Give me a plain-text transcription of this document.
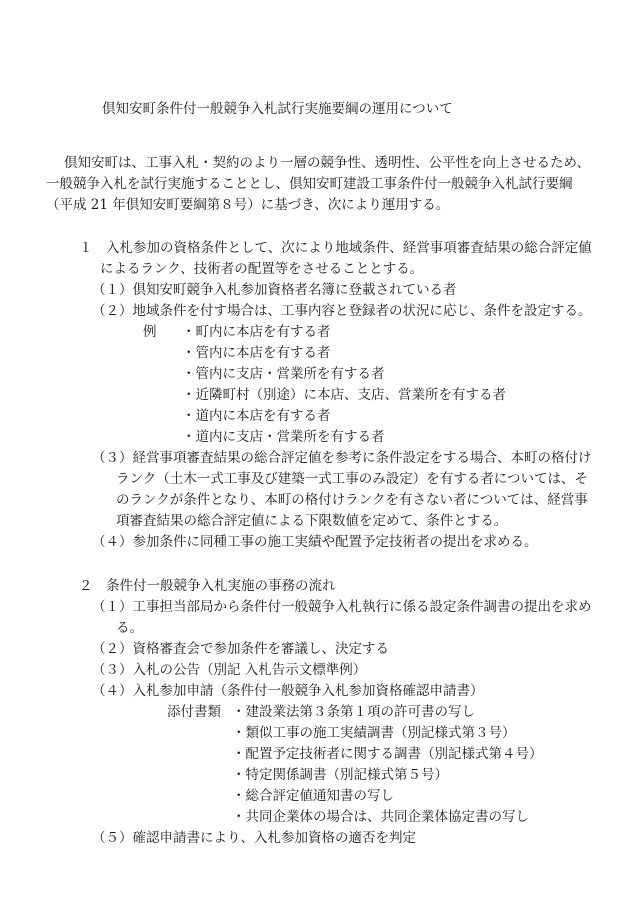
倶知安町条件付一般競争入札試行実施要綱の運用について
倶知安町は、工事入札・契約のより一層の競争性、透明性、公平性を向上させるため、
一般競争入札を試行実施することとし、倶知安町建設工事条件付一般競争入札試行要綱
（平成 21 年倶知安町要綱第８号）に基づき、次により運用する。
１　入札参加の資格条件として、次により地域条件、経営事項審査結果の総合評定値
によるランク、技術者の配置等をさせることとする。
（１）倶知安町競争入札参加資格者名簿に登載されている者
（２）地域条件を付す場合は、工事内容と登録者の状況に応じ、条件を設定する。
例 ・町内に本店を有する者
・管内に本店を有する者
・管内に支店・営業所を有する者
・近隣町村（別途）に本店、支店、営業所を有する者
・道内に本店を有する者
・道内に支店・営業所を有する者
（３）経営事項審査結果の総合評定値を参考に条件設定をする場合、本町の格付け
ランク（土木一式工事及び建築一式工事のみ設定）を有する者については、そ
のランクが条件となり、本町の格付けランクを有さない者については、経営事
項審査結果の総合評定値による下限数値を定めて、条件とする。
（４）参加条件に同種工事の施工実績や配置予定技術者の提出を求める。
２　条件付一般競争入札実施の事務の流れ
（１）工事担当部局から条件付一般競争入札執行に係る設定条件調書の提出を求め
る。
（２）資格審査会で参加条件を審議し、決定する
（３）入札の公告（別記 入札告示文標準例）
（４）入札参加申請（条件付一般競争入札参加資格確認申請書）
添付書類 ・建設業法第３条第１項の許可書の写し
・類似工事の施工実績調書（別記様式第３号）
・配置予定技術者に関する調書（別記様式第４号）
・特定関係調書（別記様式第５号）
・総合評定値通知書の写し
・共同企業体の場合は、共同企業体協定書の写し
（５）確認申請書により、入札参加資格の適否を判定
